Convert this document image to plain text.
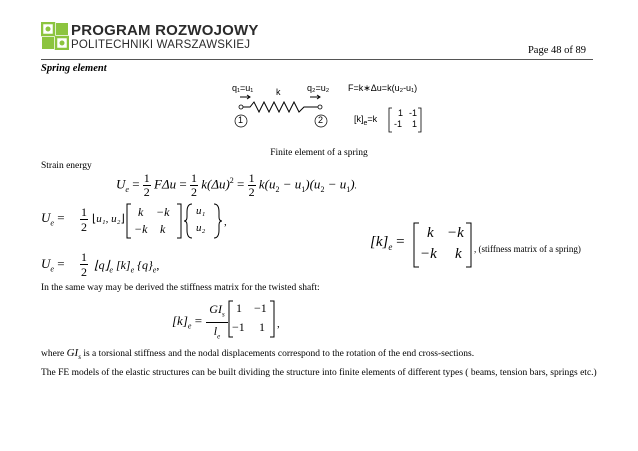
PROGRAM ROZWOJOWY
POLITECHNIKI WARSZAWSKIEJ	Page 48 of 89
Spring element
q₁=u₁	k	q₂=u₂ F=k∗Δu=k(u₂-u₁)
1	2	$[k]_e=k$
1 -1
-1 1
Finite element of a spring
Strain energy
$U_e = \frac{1}{2}$ $F\Delta u = \frac{1}{2} k(\Delta u)^2 = \frac{1}{2} k(u_2 - u_1)(u_2 - u_1)$.
$U_e = 1$
2
⌊u₁, u₂⌋ k −k
−k k
u₁
u₂ ,
$U_e = 1$
2 $⌊q⌋_e$ $[k]_e$ $\{q\}_e$,
$[k]_e$ =
k −k
−k k , (stiffness matrix of a spring)
In the same way may be derived the stiffness matrix for the twisted shaft:
$[k]_e$ =
$GI_s$
$l_e$
1 −1
−1 1 ,
where $GI_s$ is a torsional stiffness and the nodal displacements correspond to the rotation of the end cross-sections.
The FE models of the elastic structures can be built dividing the structure into finite elements of different types ( beams, tension bars, springs etc.)
